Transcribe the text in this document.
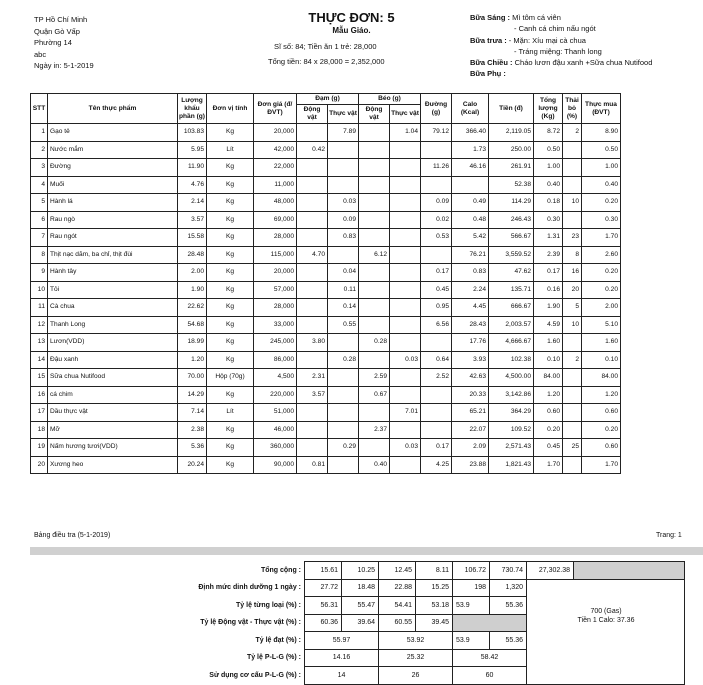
TP Hồ Chí Minh
Quận Gò Vấp
Phường 14
abc
Ngày in: 5-1-2019
THỰC ĐƠN: 5
Mẫu Giáo.
Sĩ số: 84; Tiền ăn 1 trẻ: 28,000
Tổng tiền: 84 x 28,000 = 2,352,000
Bữa Sáng : Mì tôm cá viên
- Canh cá chim nấu ngót
Bữa trưa : - Mặn: Xíu mại cà chua
- Tráng miệng: Thanh long
Bữa Chiều : Cháo lươn đậu xanh +Sữa chua Nutifood
Bữa Phụ :
STT	Tên thực phẩm	Lượng khẩu phần (g)	Đơn vị tính	Đơn giá (đ/ĐVT)	Đạm (g)		Béo (g)		Đường (g)	Calo (Kcal)	Tiền (đ)	Tổng lượng (Kg)	Thải bỏ (%)	Thực mua (ĐVT)
					Động vật	Thực vật	Động vật	Thực vật						
1	Gạo tẻ	103.83	Kg	20,000		7.89		1.04	79.12	366.40	2,119.05	8.72	2	8.90
2	Nước mắm	5.95	Lít	42,000	0.42					1.73	250.00	0.50		0.50
3	Đường	11.90	Kg	22,000					11.26	46.16	261.91	1.00		1.00
4	Muối	4.76	Kg	11,000							52.38	0.40		0.40
5	Hành lá	2.14	Kg	48,000		0.03			0.09	0.49	114.29	0.18	10	0.20
6	Rau ngò	3.57	Kg	69,000		0.09			0.02	0.48	246.43	0.30		0.30
7	Rau ngót	15.58	Kg	28,000		0.83			0.53	5.42	566.67	1.31	23	1.70
8	Thịt nạc dăm, ba chỉ, thịt đùi	28.48	Kg	115,000	4.70		6.12			76.21	3,559.52	2.39	8	2.60
9	Hành tây	2.00	Kg	20,000		0.04			0.17	0.83	47.62	0.17	16	0.20
10	Tỏi	1.90	Kg	57,000		0.11			0.45	2.24	135.71	0.16	20	0.20
11	Cà chua	22.62	Kg	28,000		0.14			0.95	4.45	666.67	1.90	5	2.00
12	Thanh Long	54.68	Kg	33,000		0.55			6.56	28.43	2,003.57	4.59	10	5.10
13	Lươn(VDD)	18.99	Kg	245,000	3.80		0.28			17.76	4,666.67	1.60		1.60
14	Đậu xanh	1.20	Kg	86,000		0.28		0.03	0.64	3.93	102.38	0.10	2	0.10
15	Sữa chua Nutifood	70.00	Hộp (70g)	4,500	2.31		2.59		2.52	42.63	4,500.00	84.00		84.00
16	cá chim	14.29	Kg	220,000	3.57		0.67			20.33	3,142.86	1.20		1.20
17	Dầu thực vật	7.14	Lít	51,000				7.01		65.21	364.29	0.60		0.60
18	Mỡ	2.38	Kg	46,000			2.37			22.07	109.52	0.20		0.20
19	Nấm hương tươi(VDD)	5.36	Kg	360,000		0.29		0.03	0.17	2.09	2,571.43	0.45	25	0.60
20	Xương heo	20.24	Kg	90,000	0.81		0.40		4.25	23.88	1,821.43	1.70		1.70
Bảng điều tra (5-1-2019)	Trang: 1
Tổng cộng :	15.61	10.25	12.45	8.11	106.72	730.74	27,302.38	
Định mức dinh dưỡng 1 ngày :	27.72	18.48	22.88	15.25	198	1,320		
Tỷ lệ từng loại (%) :	56.31	55.47	54.41	53.18	53.9	55.36		
Tỷ lệ Động vật - Thực vật (%) :	60.36	39.64	60.55	39.45				
Tỷ lệ đạt (%) :	55.97		53.92		53.9	55.36		
Tỷ lệ P-L-G (%) :	14.16		25.32		58.42			
Sử dụng cơ cấu P-L-G (%) :	14		26		60			
700 (Gas)
Tiền 1 Calo: 37.36
